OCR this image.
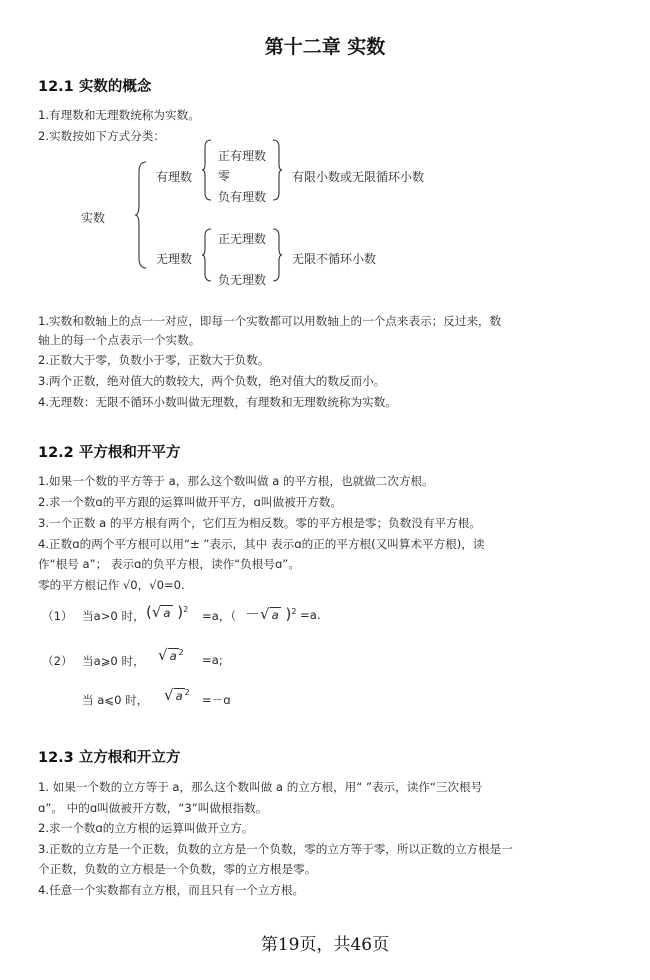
第十二章 实数
12.1 实数的概念
1.有理数和无理数统称为实数。
2.实数按如下方式分类：
实数
有理数
正有理数
零
负有理数
有限小数或无限循环小数
无理数
正无理数
负无理数
无限不循环小数
1.实数和数轴上的点一一对应，即每一个实数都可以用数轴上的一个点来表示；反过来，数
轴上的每一个点表示一个实数。
2.正数大于零，负数小于零，正数大于负数。
3.两个正数，绝对值大的数较大，两个负数，绝对值大的数反而小。
4.无理数：无限不循环小数叫做无理数，有理数和无理数统称为实数。
12.2 平方根和开平方
1.如果一个数的平方等于 a，那么这个数叫做 a 的平方根，也就做二次方根。
2.求一个数ɑ的平方跟的运算叫做开平方，ɑ叫做被开方数。
3.一个正数 a 的平方根有两个，它们互为相反数。零的平方根是零；负数没有平方根。
4.正数ɑ的两个平方根可以用“± ”表示，其中 表示ɑ的正的平方根(又叫算术平方根)，读
作“根号 a”； 表示ɑ的负平方根，读作“负根号ɑ”。
零的平方根记作 √0，√0=0.
（1） 当a>0 时， (√ a )$^2$ =a，（ －√ a )$^2$ =a.
（2） 当a⩾0 时， √ a $^2$
=a;
当 a⩽0 时， √ a $^2$
=－ɑ
12.3 立方根和开立方
1. 如果一个数的立方等于 a，那么这个数叫做 a 的立方根，用“ ”表示，读作“三次根号
ɑ”。 中的ɑ叫做被开方数，“3”叫做根指数。
2.求一个数ɑ的立方根的运算叫做开立方。
3.正数的立方是一个正数，负数的立方是一个负数，零的立方等于零，所以正数的立方根是一
个正数，负数的立方根是一个负数，零的立方根是零。
4.任意一个实数都有立方根，而且只有一个立方根。
第19页，共46页
